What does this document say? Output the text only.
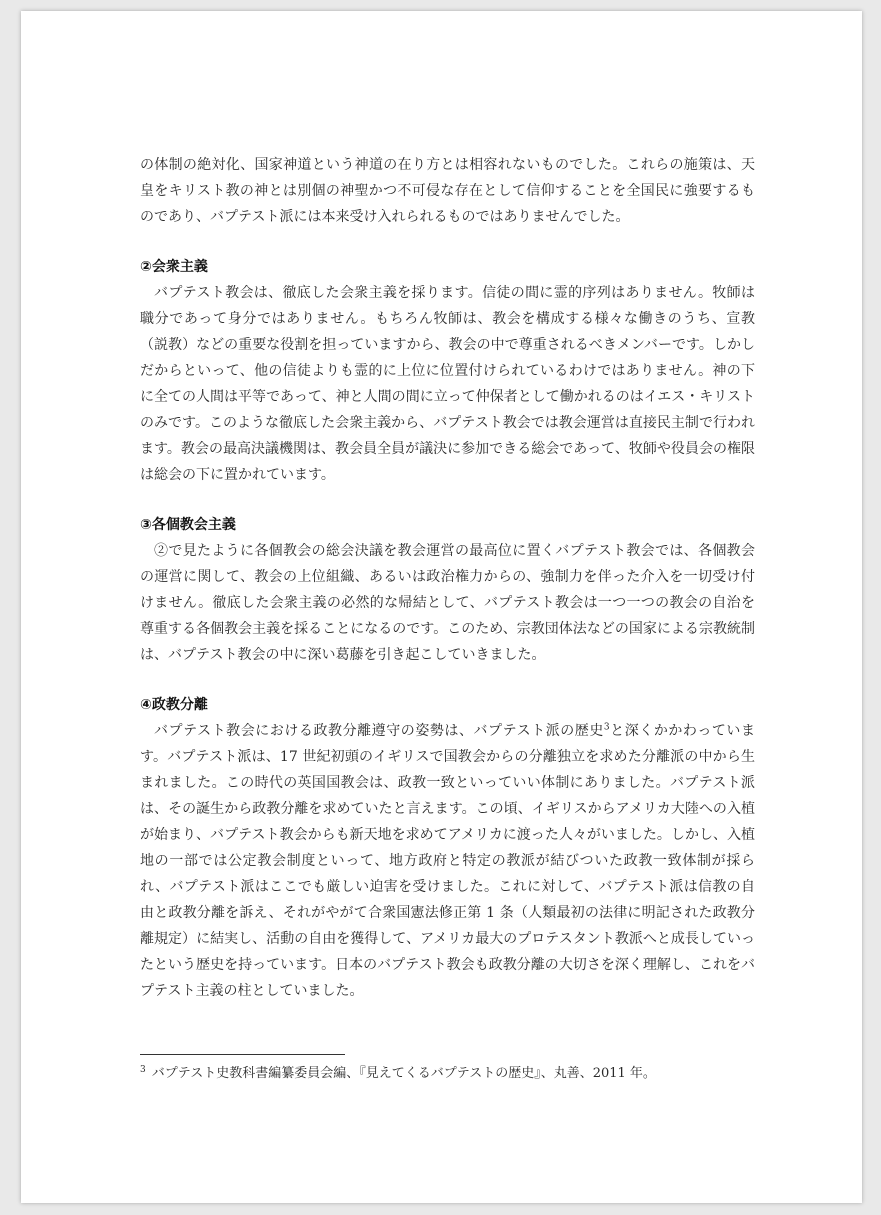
の体制の絶対化、国家神道という神道の在り方とは相容れないものでした。これらの施策は、天皇をキリスト教の神とは別個の神聖かつ不可侵な存在として信仰することを全国民に強要するものであり、バプテスト派には本来受け入れられるものではありませんでした。

②会衆主義

バプテスト教会は、徹底した会衆主義を採ります。信徒の間に霊的序列はありません。牧師は職分であって身分ではありません。もちろん牧師は、教会を構成する様々な働きのうち、宣教（説教）などの重要な役割を担っていますから、教会の中で尊重されるべきメンバーです。しかしだからといって、他の信徒よりも霊的に上位に位置付けられているわけではありません。神の下に全ての人間は平等であって、神と人間の間に立って仲保者として働かれるのはイエス・キリストのみです。このような徹底した会衆主義から、バプテスト教会では教会運営は直接民主制で行われます。教会の最高決議機関は、教会員全員が議決に参加できる総会であって、牧師や役員会の権限は総会の下に置かれています。

③各個教会主義

②で見たように各個教会の総会決議を教会運営の最高位に置くバプテスト教会では、各個教会の運営に関して、教会の上位組織、あるいは政治権力からの、強制力を伴った介入を一切受け付けません。徹底した会衆主義の必然的な帰結として、バプテスト教会は一つ一つの教会の自治を尊重する各個教会主義を採ることになるのです。このため、宗教団体法などの国家による宗教統制は、バプテスト教会の中に深い葛藤を引き起こしていきました。

④政教分離

バプテスト教会における政教分離遵守の姿勢は、バプテスト派の歴史$^3$と深くかかわっています。バプテスト派は、17 世紀初頭のイギリスで国教会からの分離独立を求めた分離派の中から生まれました。この時代の英国国教会は、政教一致といっていい体制にありました。バプテスト派は、その誕生から政教分離を求めていたと言えます。この頃、イギリスからアメリカ大陸への入植が始まり、バプテスト教会からも新天地を求めてアメリカに渡った人々がいました。しかし、入植地の一部では公定教会制度といって、地方政府と特定の教派が結びついた政教一致体制が採られ、バプテスト派はここでも厳しい迫害を受けました。これに対して、バプテスト派は信教の自由と政教分離を訴え、それがやがて合衆国憲法修正第 1 条（人類最初の法律に明記された政教分離規定）に結実し、活動の自由を獲得して、アメリカ最大のプロテスタント教派へと成長していったという歴史を持っています。日本のバプテスト教会も政教分離の大切さを深く理解し、これをバプテスト主義の柱としていました。

$^3$ バプテスト史教科書編纂委員会編、『見えてくるバプテストの歴史』、丸善、2011 年。
